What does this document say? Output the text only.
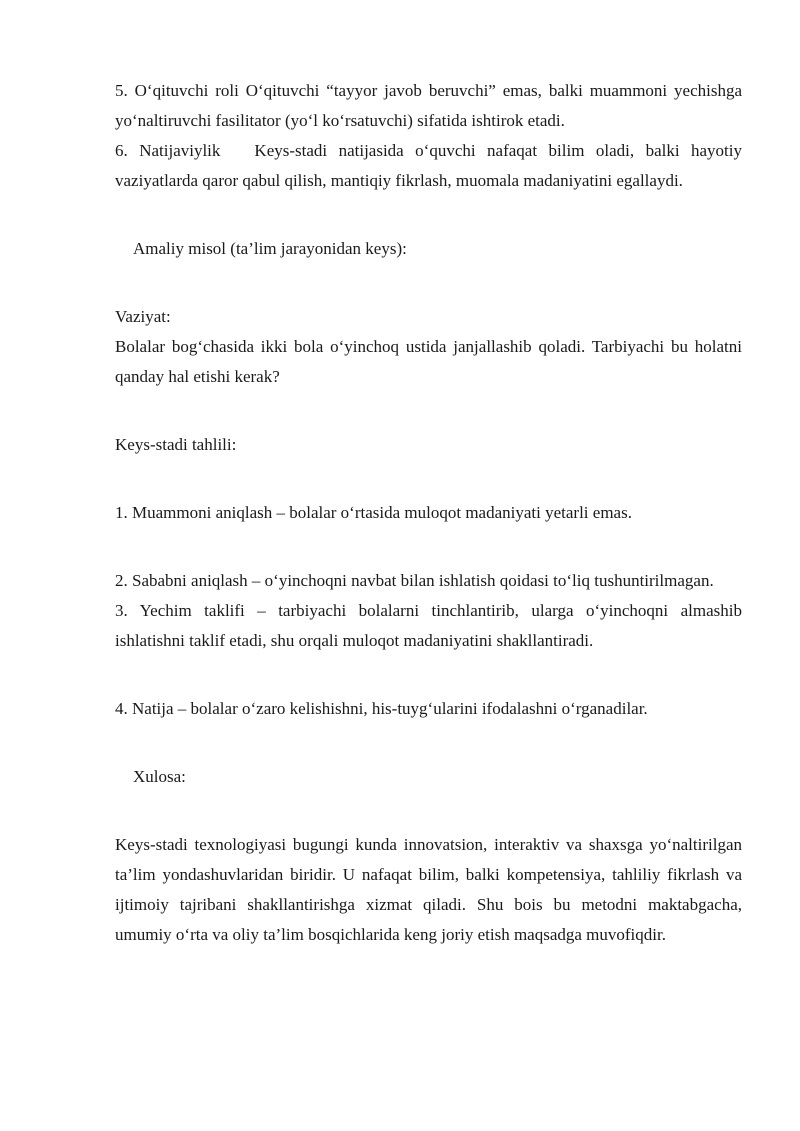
5. O‘qituvchi roli O‘qituvchi “tayyor javob beruvchi” emas, balki muammoni yechishga yo‘naltiruvchi fasilitator (yo‘l ko‘rsatuvchi) sifatida ishtirok etadi.

6. Natijaviylik Keys-stadi natijasida o‘quvchi nafaqat bilim oladi, balki hayotiy vaziyatlarda qaror qabul qilish, mantiqiy fikrlash, muomala madaniyatini egallaydi.

Amaliy misol (ta’lim jarayonidan keys):

Vaziyat:

Bolalar bog‘chasida ikki bola o‘yinchoq ustida janjallashib qoladi. Tarbiyachi bu holatni qanday hal etishi kerak?

Keys-stadi tahlili:

1. Muammoni aniqlash – bolalar o‘rtasida muloqot madaniyati yetarli emas.

2. Sababni aniqlash – o‘yinchoqni navbat bilan ishlatish qoidasi to‘liq tushuntirilmagan.

3. Yechim taklifi – tarbiyachi bolalarni tinchlantirib, ularga o‘yinchoqni almashib ishlatishni taklif etadi, shu orqali muloqot madaniyatini shakllantiradi.

4. Natija – bolalar o‘zaro kelishishni, his-tuyg‘ularini ifodalashni o‘rganadilar.

Xulosa:

Keys-stadi texnologiyasi bugungi kunda innovatsion, interaktiv va shaxsga yo‘naltirilgan ta’lim yondashuvlaridan biridir. U nafaqat bilim, balki kompetensiya, tahliliy fikrlash va ijtimoiy tajribani shakllantirishga xizmat qiladi. Shu bois bu metodni maktabgacha, umumiy o‘rta va oliy ta’lim bosqichlarida keng joriy etish maqsadga muvofiqdir.
